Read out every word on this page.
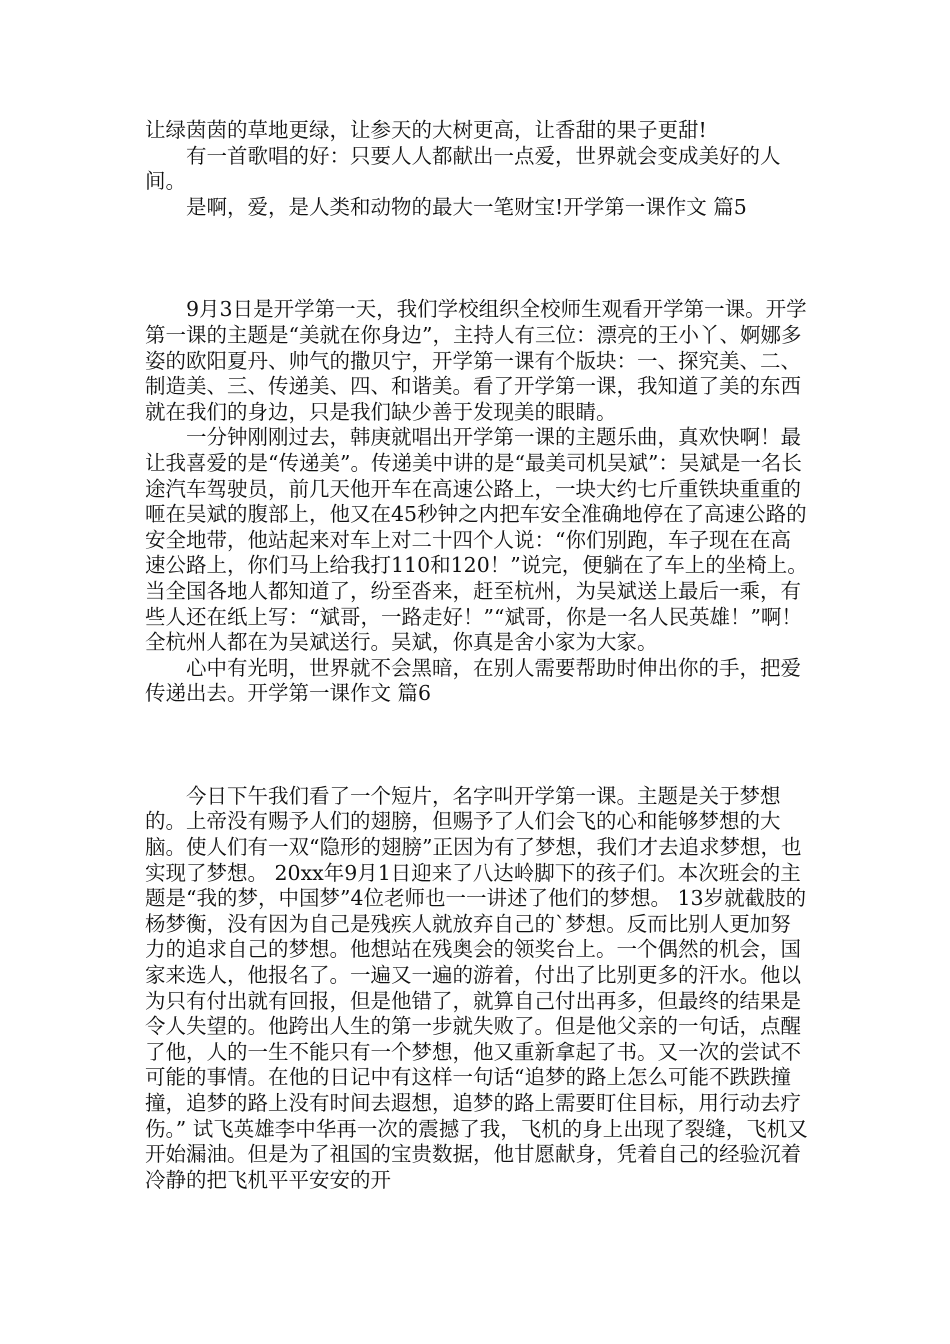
让绿茵茵的草地更绿，让参天的大树更高，让香甜的果子更甜!

有一首歌唱的好：只要人人都献出一点爱，世界就会变成美好的人间。

是啊，爱，是人类和动物的最大一笔财宝!开学第一课作文 篇5

9月3日是开学第一天，我们学校组织全校师生观看开学第一课。开学第一课的主题是“美就在你身边”，主持人有三位：漂亮的王小丫、婀娜多姿的欧阳夏丹、帅气的撒贝宁，开学第一课有个版块：一、探究美、二、制造美、三、传递美、四、和谐美。看了开学第一课，我知道了美的东西就在我们的身边，只是我们缺少善于发现美的眼睛。

一分钟刚刚过去，韩庚就唱出开学第一课的主题乐曲，真欢快啊！最让我喜爱的是“传递美”。传递美中讲的是“最美司机吴斌”：吴斌是一名长途汽车驾驶员，前几天他开车在高速公路上，一块大约七斤重铁块重重的咂在吴斌的腹部上，他又在45秒钟之内把车安全准确地停在了高速公路的安全地带，他站起来对车上对二十四个人说：“你们别跑，车子现在在高速公路上，你们马上给我打110和120！”说完，便躺在了车上的坐椅上。当全国各地人都知道了，纷至沓来，赶至杭州，为吴斌送上最后一乘，有些人还在纸上写：“斌哥，一路走好！”“斌哥，你是一名人民英雄！”啊！全杭州人都在为吴斌送行。吴斌，你真是舍小家为大家。

心中有光明，世界就不会黑暗，在别人需要帮助时伸出你的手，把爱传递出去。开学第一课作文 篇6

今日下午我们看了一个短片，名字叫开学第一课。主题是关于梦想的。上帝没有赐予人们的翅膀，但赐予了人们会飞的心和能够梦想的大脑。使人们有一双“隐形的翅膀”正因为有了梦想，我们才去追求梦想，也实现了梦想。 20xx年9月1日迎来了八达岭脚下的孩子们。本次班会的主题是“我的梦，中国梦”4位老师也一一讲述了他们的梦想。 13岁就截肢的杨梦衡，没有因为自己是残疾人就放弃自己的`梦想。反而比别人更加努力的追求自己的梦想。他想站在残奥会的领奖台上。一个偶然的机会，国家来选人，他报名了。一遍又一遍的游着，付出了比别更多的汗水。他以为只有付出就有回报，但是他错了，就算自己付出再多，但最终的结果是令人失望的。他跨出人生的第一步就失败了。但是他父亲的一句话，点醒了他，人的一生不能只有一个梦想，他又重新拿起了书。又一次的尝试不可能的事情。在他的日记中有这样一句话“追梦的路上怎么可能不跌跌撞撞，追梦的路上没有时间去遐想，追梦的路上需要盯住目标，用行动去疗伤。” 试飞英雄李中华再一次的震撼了我，飞机的身上出现了裂缝，飞机又开始漏油。但是为了祖国的宝贵数据，他甘愿献身，凭着自己的经验沉着冷静的把飞机平平安安的开
